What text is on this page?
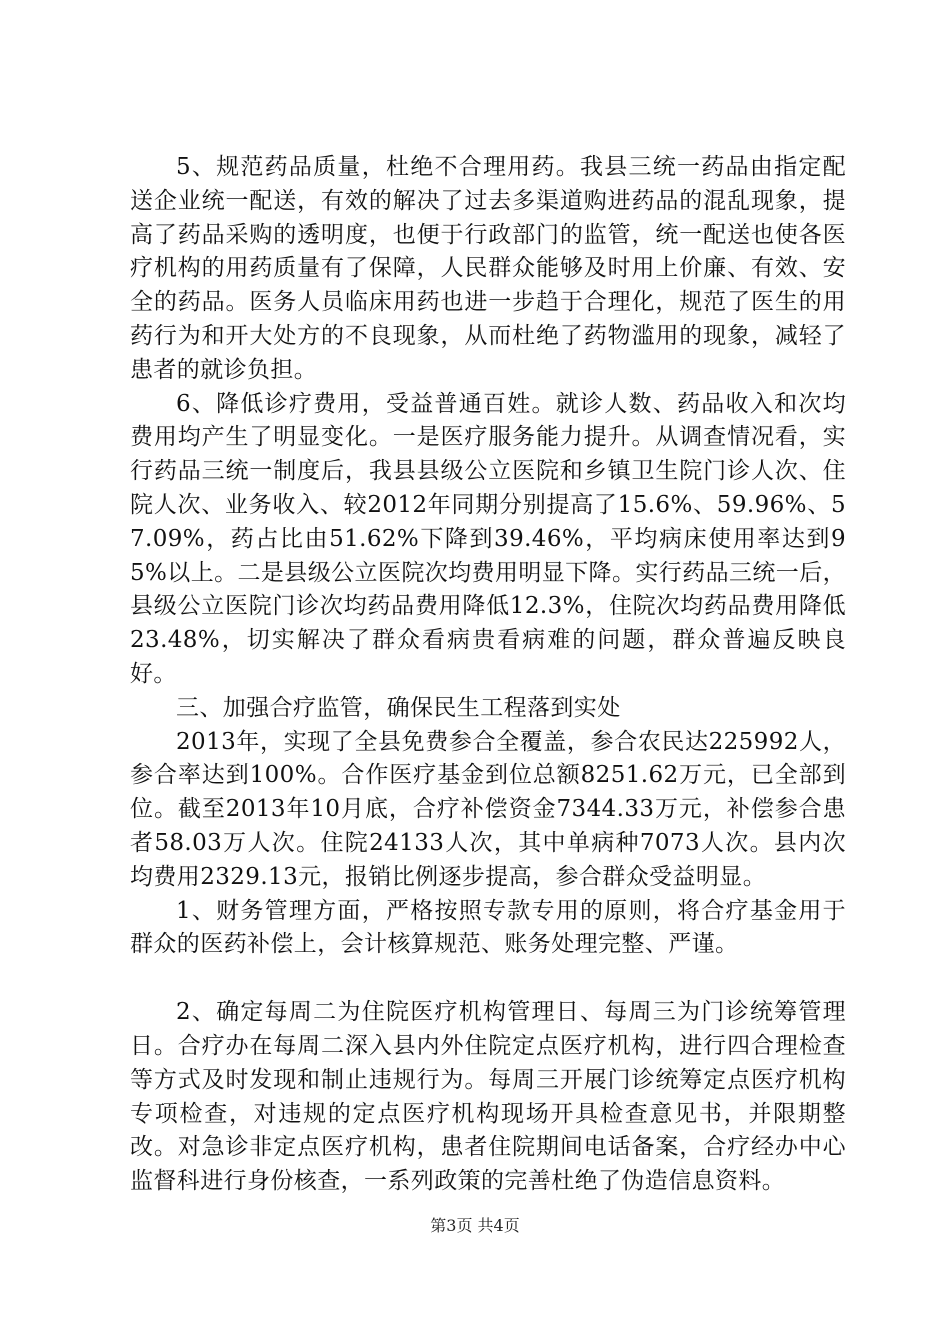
5、规范药品质量，杜绝不合理用药。我县三统一药品由指定配送企业统一配送，有效的解决了过去多渠道购进药品的混乱现象，提高了药品采购的透明度，也便于行政部门的监管，统一配送也使各医疗机构的用药质量有了保障，人民群众能够及时用上价廉、有效、安全的药品。医务人员临床用药也进一步趋于合理化，规范了医生的用药行为和开大处方的不良现象，从而杜绝了药物滥用的现象，减轻了患者的就诊负担。

6、降低诊疗费用，受益普通百姓。就诊人数、药品收入和次均费用均产生了明显变化。一是医疗服务能力提升。从调查情况看，实行药品三统一制度后，我县县级公立医院和乡镇卫生院门诊人次、住院人次、业务收入、较2012年同期分别提高了15.6%、59.96%、57.09%，药占比由51.62%下降到39.46%，平均病床使用率达到95%以上。二是县级公立医院次均费用明显下降。实行药品三统一后，县级公立医院门诊次均药品费用降低12.3%，住院次均药品费用降低23.48%，切实解决了群众看病贵看病难的问题，群众普遍反映良好。

三、加强合疗监管，确保民生工程落到实处

2013年，实现了全县免费参合全覆盖，参合农民达225992人，参合率达到100%。合作医疗基金到位总额8251.62万元，已全部到位。截至2013年10月底，合疗补偿资金7344.33万元，补偿参合患者58.03万人次。住院24133人次，其中单病种7073人次。县内次均费用2329.13元，报销比例逐步提高，参合群众受益明显。

1、财务管理方面，严格按照专款专用的原则，将合疗基金用于群众的医药补偿上，会计核算规范、账务处理完整、严谨。

2、确定每周二为住院医疗机构管理日、每周三为门诊统筹管理日。合疗办在每周二深入县内外住院定点医疗机构，进行四合理检查等方式及时发现和制止违规行为。每周三开展门诊统筹定点医疗机构专项检查，对违规的定点医疗机构现场开具检查意见书，并限期整改。对急诊非定点医疗机构，患者住院期间电话备案，合疗经办中心监督科进行身份核查，一系列政策的完善杜绝了伪造信息资料。

第3页 共4页
